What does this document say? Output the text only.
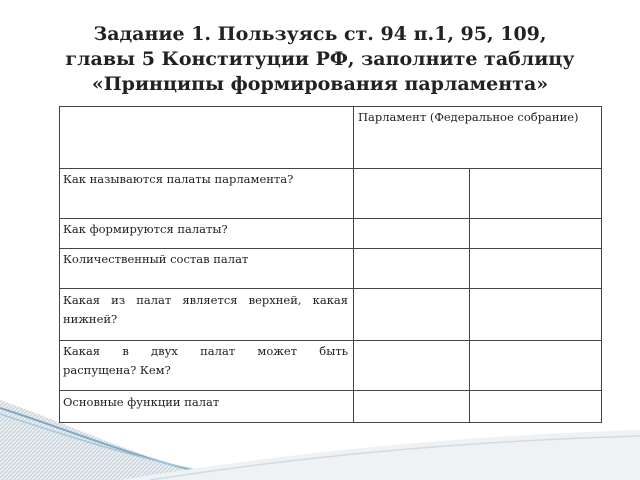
Задание 1. Пользуясь ст. 94 п.1, 95, 109,
главы 5 Конституции РФ, заполните таблицу
«Принципы формирования парламента»
Парламент (Федеральное собрание)
Как называются палаты парламента?
Как формируются палаты?
Количественный состав палат
Какая из палат является верхней, какая
нижней?
Какая в двух палат может быть
распущена? Кем?
Основные функции палат
